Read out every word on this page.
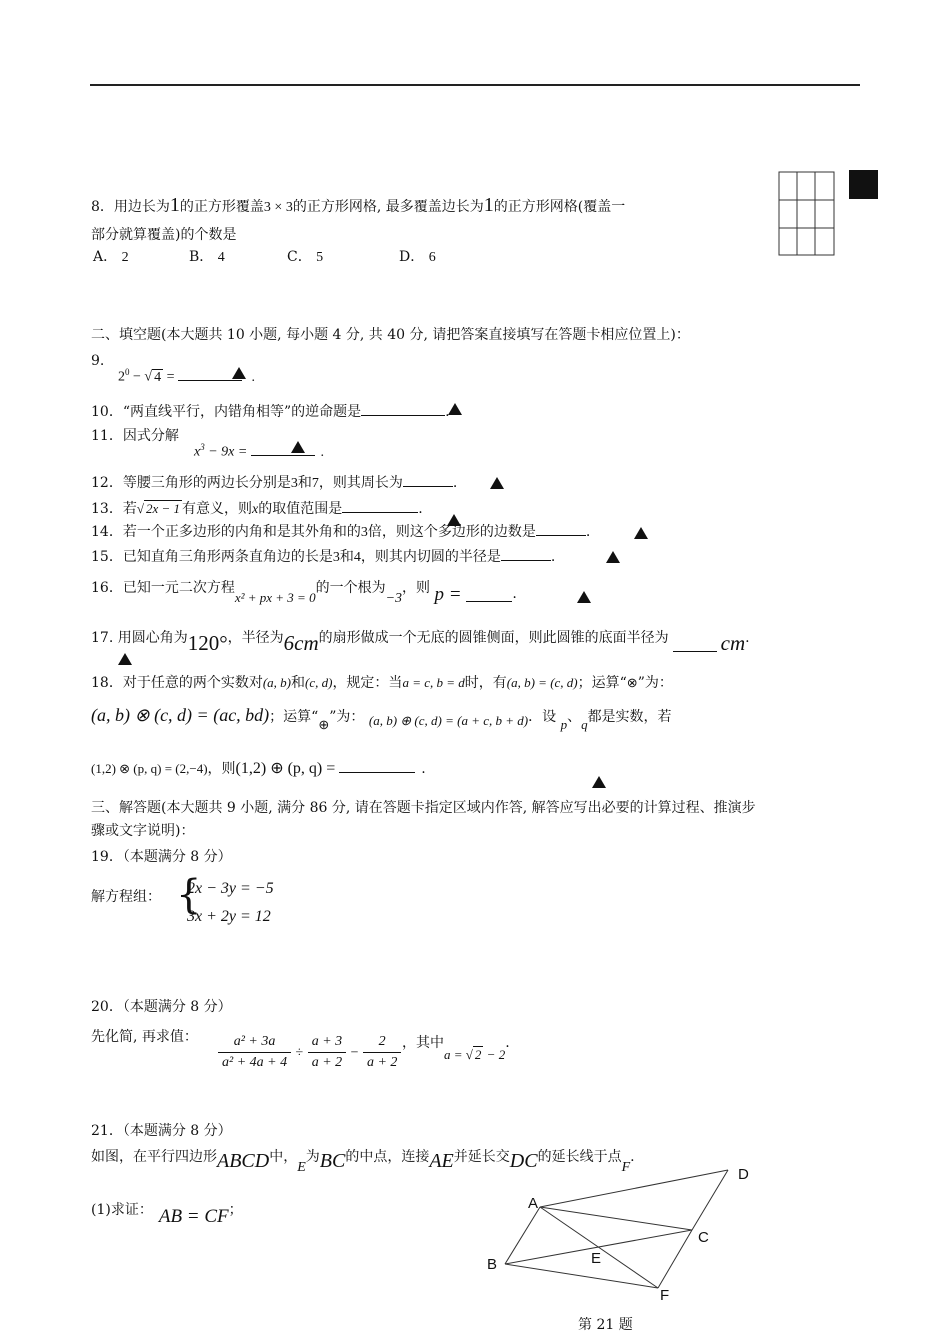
8．用边长为1的正方形覆盖3 × 3的正方形网格, 最多覆盖边长为1的正方形网格(覆盖一
部分就算覆盖)的个数是
A． 2	B． 4	C． 5	D． 6
二、填空题(本大题共 10 小题, 每小题 4 分, 共 40 分, 请把答案直接填写在答题卡相应位置上)：
9.
$2^0$ − √ 4 =	.
10．“两直线平行，内错角相等”的逆命题是	.
11．因式分解
$x^3 - 9x$ =	.
12．等腰三角形的两边长分别是3和7，则其周长为	.
13．若√ 2x − 1 有意义，则x的取值范围是	.
14．若一个正多边形的内角和是其外角和的3倍，则这个多边形的边数是	.
15．已知直角三角形两条直角边的长是3和4，则其内切圆的半径是	.
16．已知一元二次方程x² + px + 3 = 0的一个根为−3，则 p =	.
17. 用圆心角为120°，半径为6cm的扇形做成一个无底的圆锥侧面，则此圆锥的底面半径为 cm.
18．对于任意的两个实数对(a, b)和(c, d)，规定：当a = c, b = d时，有(a, b) = (c, d)；运算“⊗”为：
(a, b) ⊗ (c, d) = (ac, bd)；运算“⊕”为： (a, b) ⊕ (c, d) = (a + c, b + d)．设 p、q都是实数，若
(1,2) ⊗ (p, q) = (2,−4)，则(1,2) ⊕ (p, q) =	.
三、解答题(本大题共 9 小题, 满分 86 分, 请在答题卡指定区域内作答, 解答应写出必要的计算过程、推演步
骤或文字说明)：
19．（本题满分 8 分）
解方程组： {
2x − 3y = −5
3x + 2y = 12
20．（本题满分 8 分）
先化简, 再求值： $\frac{\text{a² + 3a}}{\text{a² + 4a + 4}} \div \frac{a + 3}{a + 2} - \frac{2}{a + 2}$ ，其中a = √ 2 − 2.
21．（本题满分 8 分）
如图，在平行四边形ABCD中，E为BC的中点，连接AE并延长交DC的延长线于点F.
(1)求证： AB = CF；	A
B
C
D
E
F
第 21 题
